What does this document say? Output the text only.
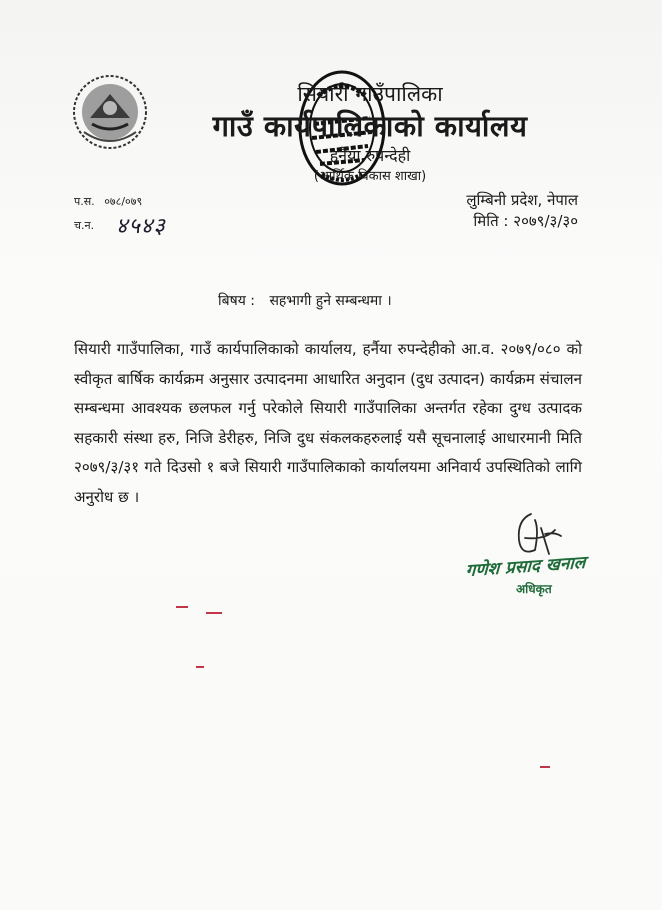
सियारी गाउँपालिका
गाउँ कार्यपालिकाको कार्यालय
हर्नैया रुपन्देही
(आर्थिक विकास शाखा)
प.स. ०७८/०७९
च.न. ४५४३
लुम्बिनी प्रदेश, नेपाल
मिति : २०७९/३/३०
बिषय : सहभागी हुने सम्बन्धमा ।
सियारी गाउँपालिका, गाउँ कार्यपालिकाको कार्यालय, हर्नैया रुपन्देहीको आ.व. २०७९/०८० को स्वीकृत बार्षिक कार्यक्रम अनुसार उत्पादनमा आधारित अनुदान (दुध उत्पादन) कार्यक्रम संचालन सम्बन्धमा आवश्यक छलफल गर्नु परेकोले सियारी गाउँपालिका अन्तर्गत रहेका दुग्ध उत्पादक सहकारी संस्था हरु, निजि डेरीहरु, निजि दुध संकलकहरुलाई यसै सूचनालाई आधारमानी मिति २०७९/३/३१ गते दिउसो १ बजे सियारी गाउँपालिकाको कार्यालयमा अनिवार्य उपस्थितिको लागि अनुरोध छ ।
गणेश प्रसाद खनाल
अधिकृत
